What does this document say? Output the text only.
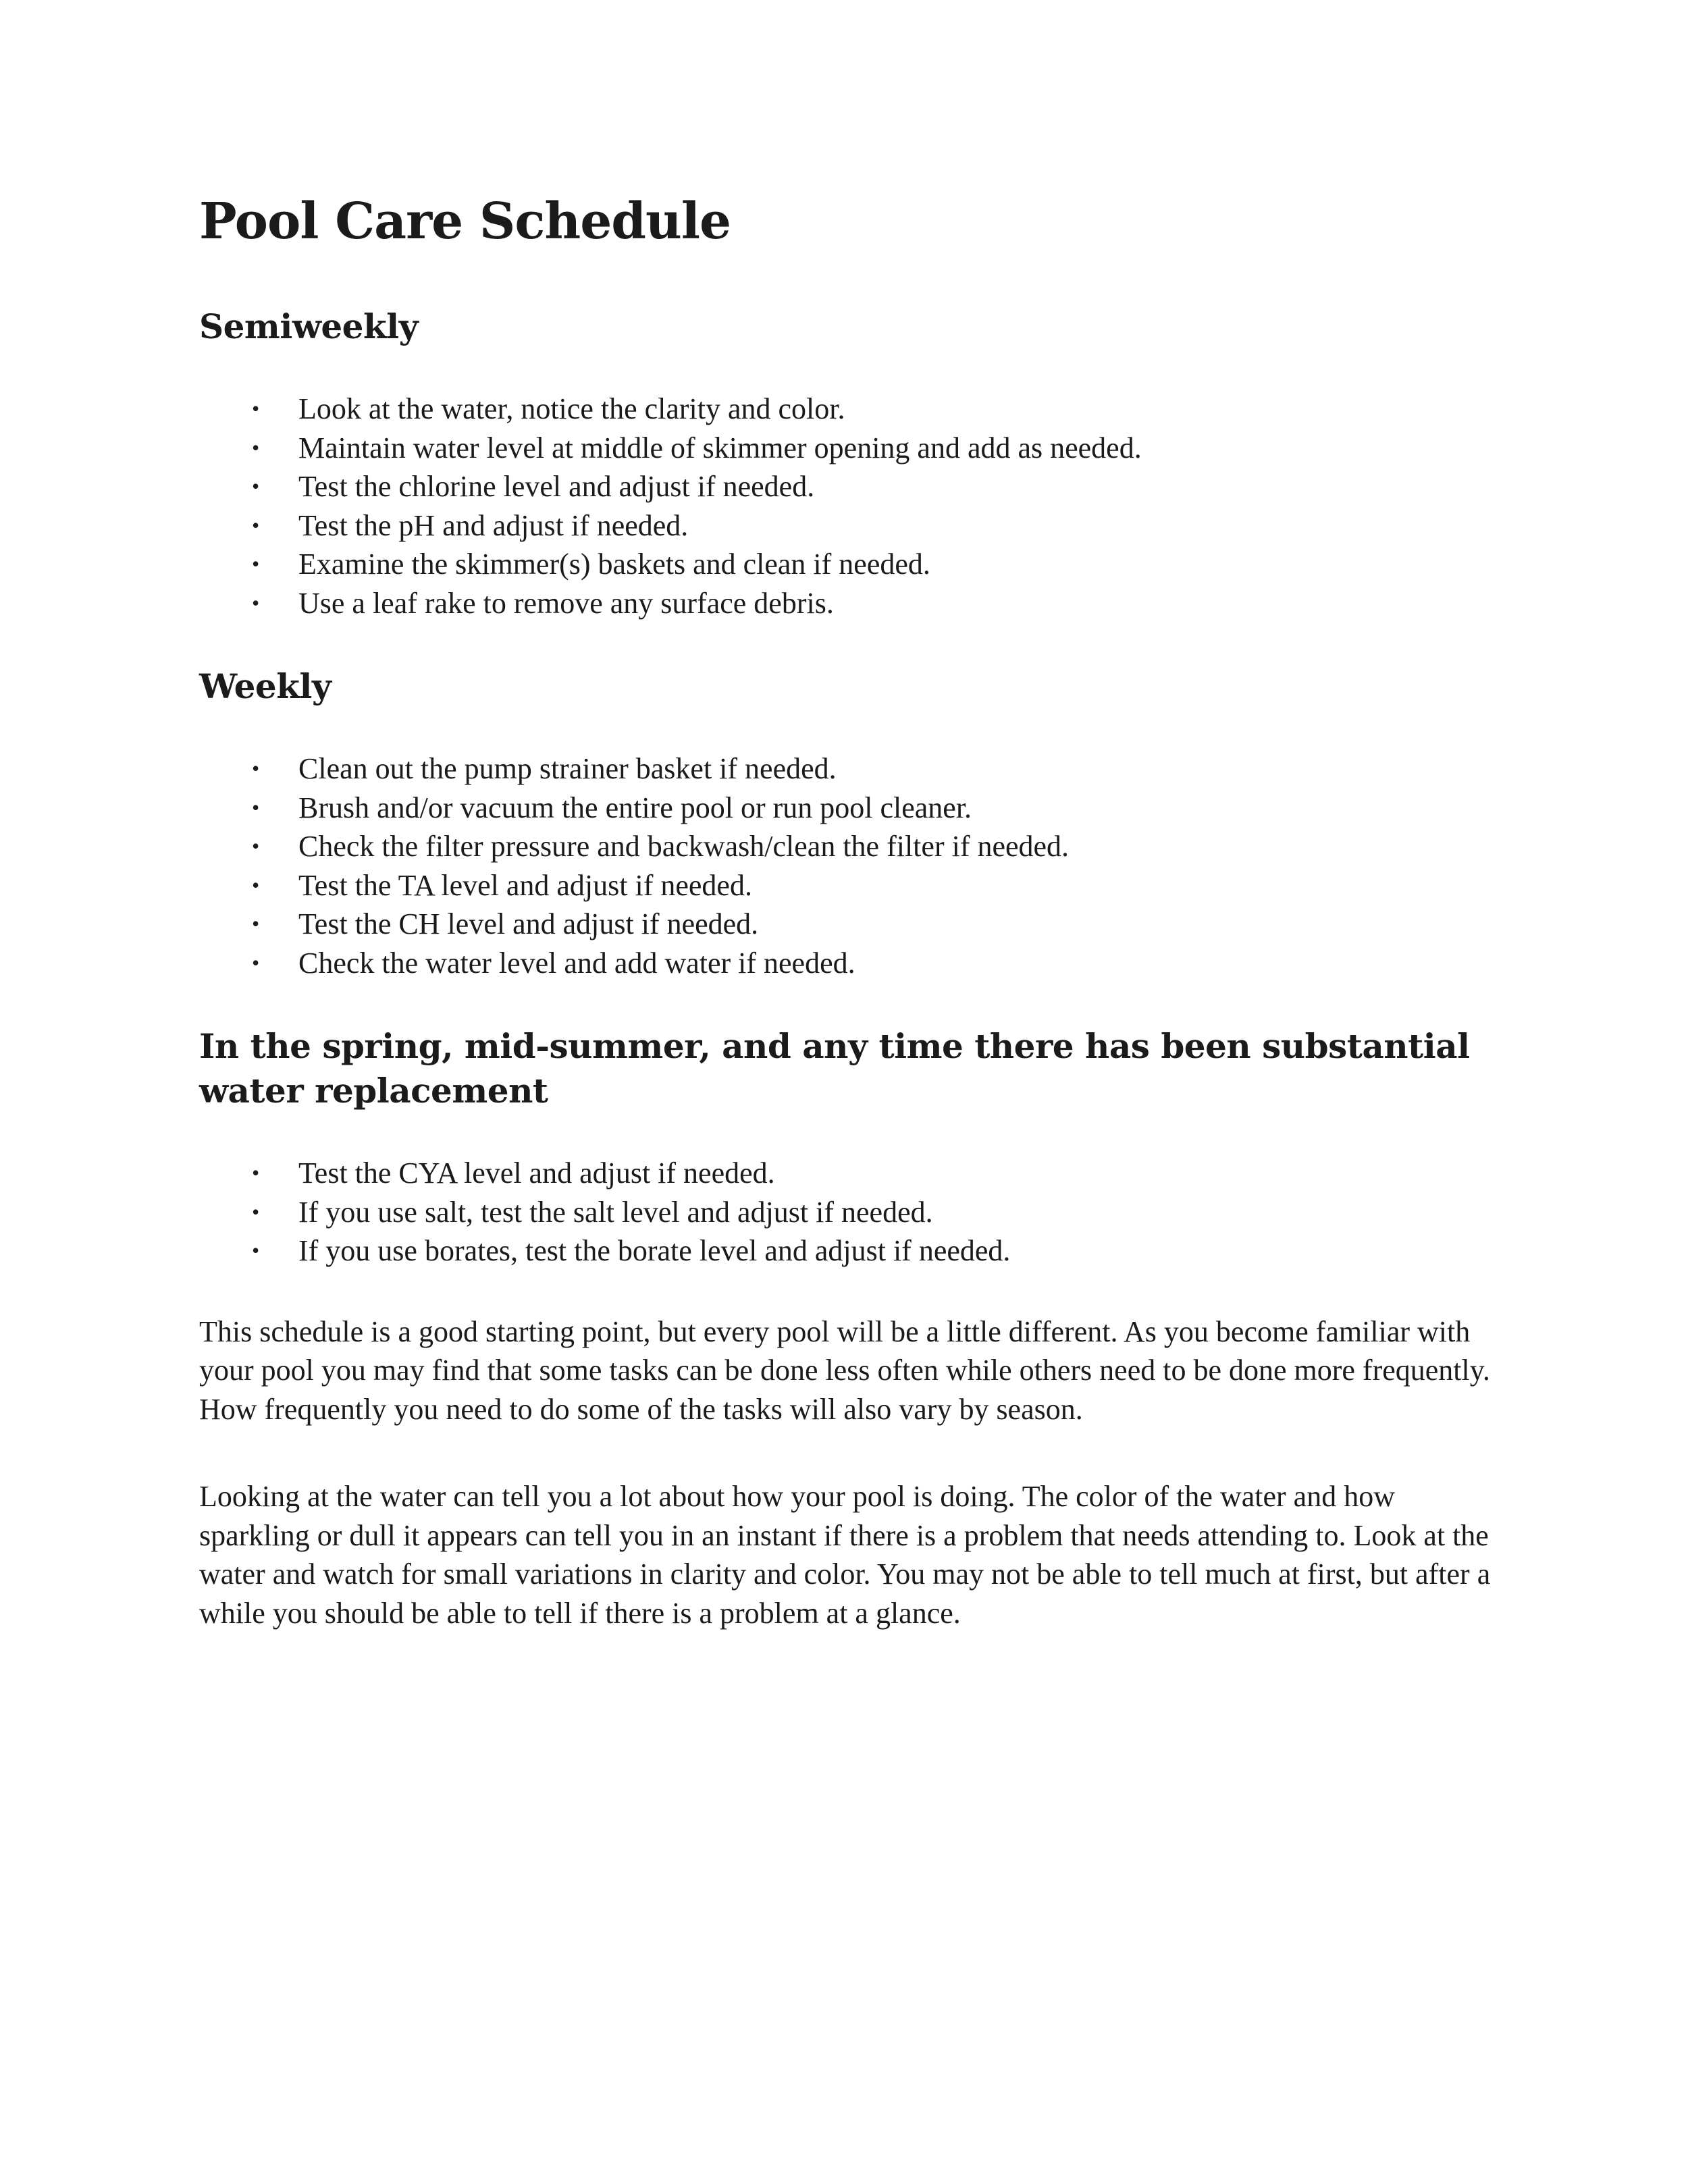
Pool Care Schedule
Semiweekly
• Look at the water, notice the clarity and color.
• Maintain water level at middle of skimmer opening and add as needed.
• Test the chlorine level and adjust if needed.
• Test the pH and adjust if needed.
• Examine the skimmer(s) baskets and clean if needed.
• Use a leaf rake to remove any surface debris.
Weekly
• Clean out the pump strainer basket if needed.
• Brush and/or vacuum the entire pool or run pool cleaner.
• Check the filter pressure and backwash/clean the filter if needed.
• Test the TA level and adjust if needed.
• Test the CH level and adjust if needed.
• Check the water level and add water if needed.
In the spring, mid-summer, and any time there has been substantial water replacement
• Test the CYA level and adjust if needed.
• If you use salt, test the salt level and adjust if needed.
• If you use borates, test the borate level and adjust if needed.

This schedule is a good starting point, but every pool will be a little different. As you become familiar with your pool you may find that some tasks can be done less often while others need to be done more frequently. How frequently you need to do some of the tasks will also vary by season.

Looking at the water can tell you a lot about how your pool is doing. The color of the water and how sparkling or dull it appears can tell you in an instant if there is a problem that needs attending to. Look at the water and watch for small variations in clarity and color. You may not be able to tell much at first, but after a while you should be able to tell if there is a problem at a glance.
